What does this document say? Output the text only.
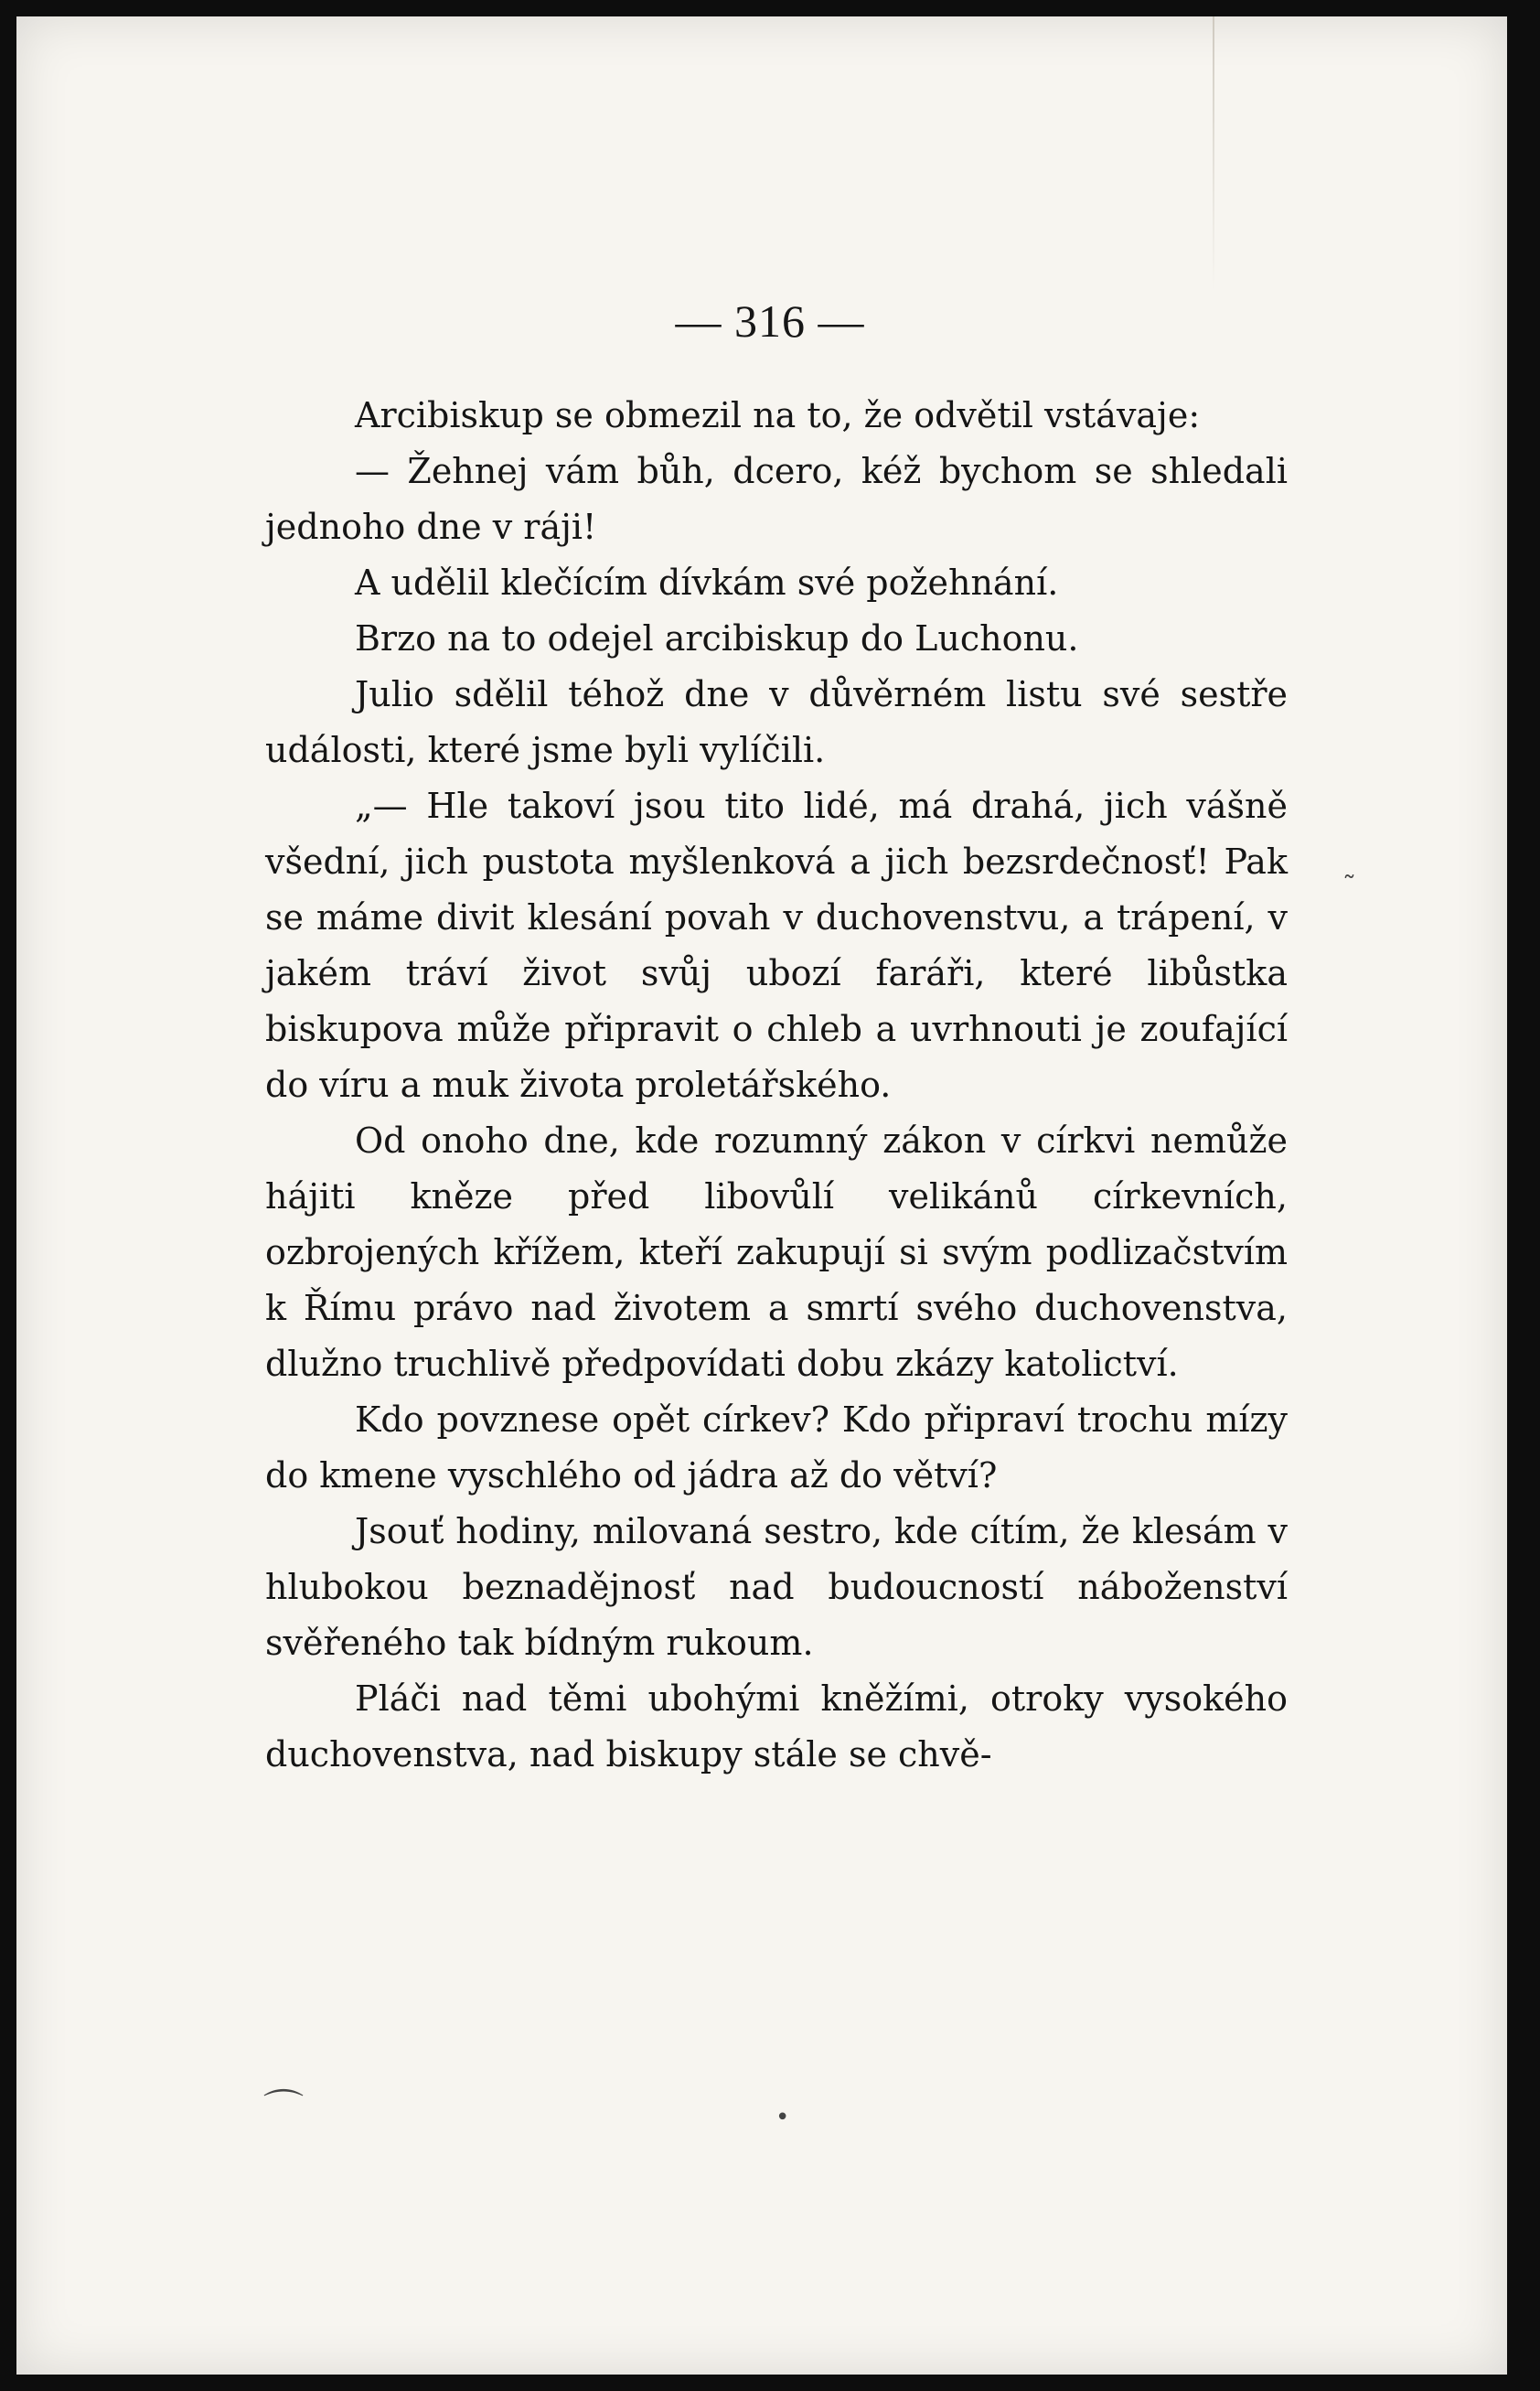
— 316 —

Arcibiskup se obmezil na to, že odvětil vstávaje:

— Žehnej vám bůh, dcero, kéž bychom se shledali jednoho dne v ráji!

A udělil klečícím dívkám své požehnání.

Brzo na to odejel arcibiskup do Luchonu.

Julio sdělil téhož dne v důvěrném listu své sestře události, které jsme byli vylíčili.

„— Hle takoví jsou tito lidé, má drahá, jich vášně všední, jich pustota myšlenková a jich bezsrdečnosť! Pak se máme divit klesání povah v duchovenstvu, a trápení, v jakém tráví život svůj ubozí faráři, které libůstka biskupova může připravit o chleb a uvrhnouti je zoufající do víru a muk života proletářského.

Od onoho dne, kde rozumný zákon v církvi nemůže hájiti kněze před libovůlí velikánů církevních, ozbrojených křížem, kteří zakupují si svým podlizačstvím k Římu právo nad životem a smrtí svého duchovenstva, dlužno truchlivě předpovídati dobu zkázy katolictví.

Kdo povznese opět církev? Kdo připraví trochu mízy do kmene vyschlého od jádra až do větví?

Jsouť hodiny, milovaná sestro, kde cítím, že klesám v hlubokou beznadějnosť nad budoucností náboženství svěřeného tak bídným rukoum.

Pláči nad těmi ubohými kněžími, otroky vysokého duchovenstva, nad biskupy stále se chvě-

˜
⌒	•
